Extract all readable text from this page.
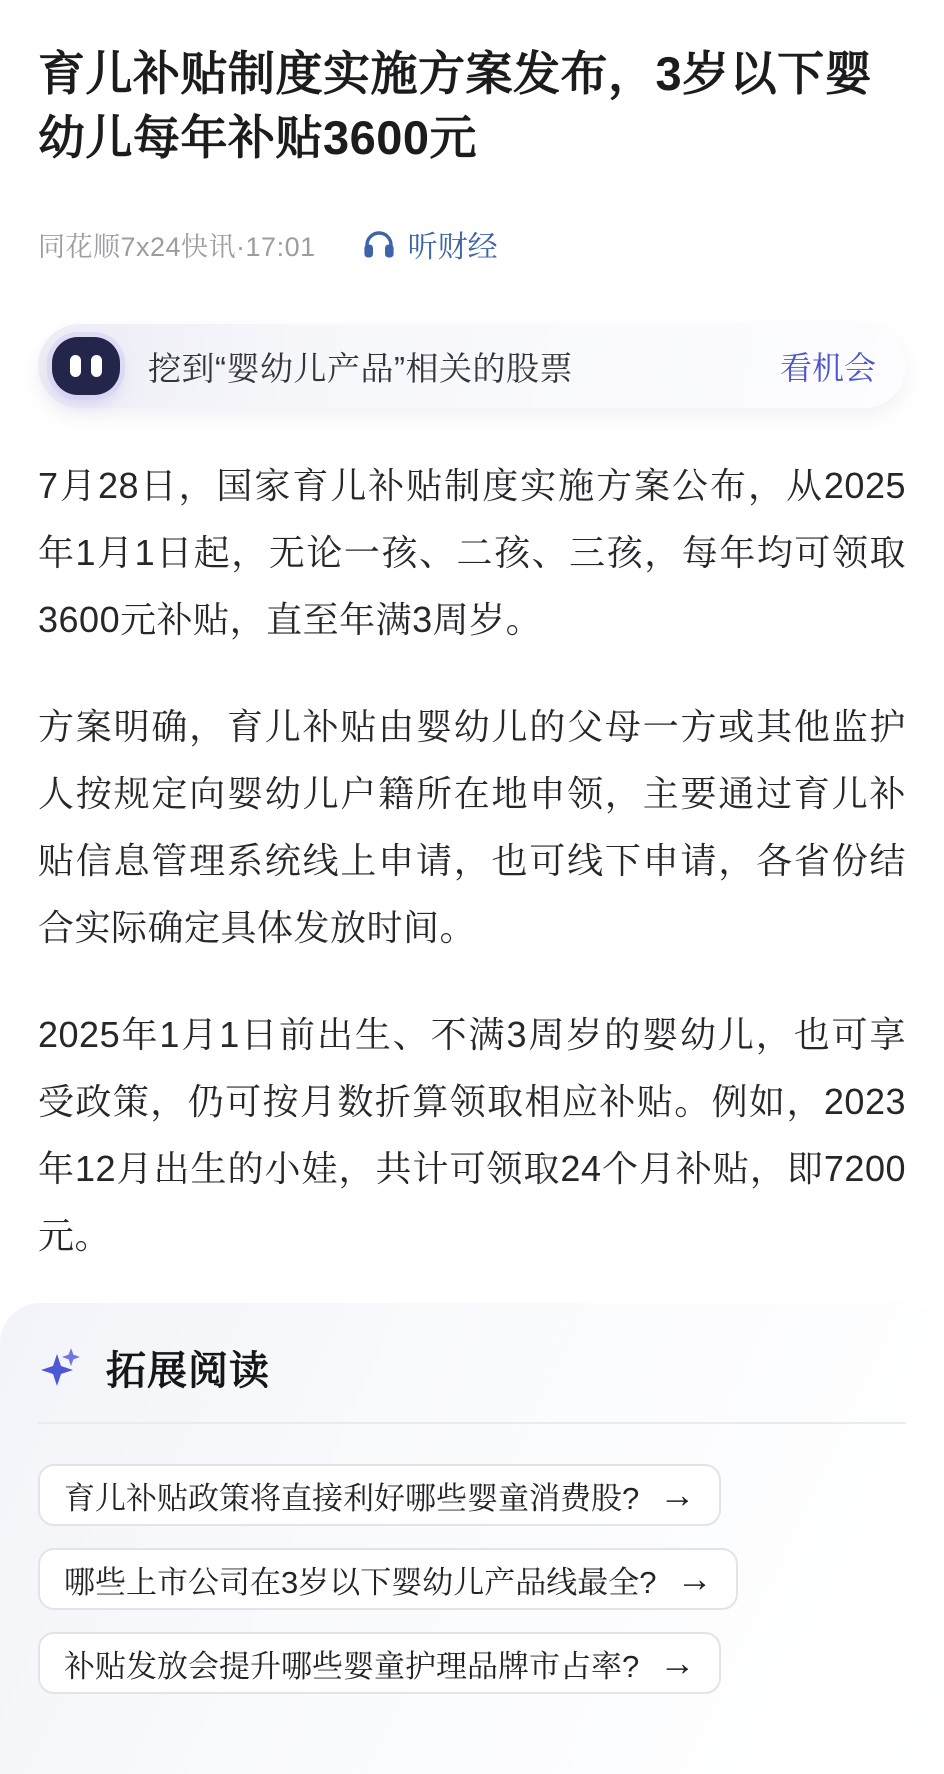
育儿补贴制度实施方案发布，3岁以下婴幼儿每年补贴3600元
同花顺7x24快讯·17:01	听财经
挖到“婴幼儿产品”相关的股票	看机会

7月28日，国家育儿补贴制度实施方案公布，从2025年1月1日起，无论一孩、二孩、三孩，每年均可领取3600元补贴，直至年满3周岁。

方案明确，育儿补贴由婴幼儿的父母一方或其他监护人按规定向婴幼儿户籍所在地申领，主要通过育儿补贴信息管理系统线上申请，也可线下申请，各省份结合实际确定具体发放时间。

2025年1月1日前出生、不满3周岁的婴幼儿，也可享受政策，仍可按月数折算领取相应补贴。例如，2023年12月出生的小娃，共计可领取24个月补贴，即7200元。

拓展阅读
育儿补贴政策将直接利好哪些婴童消费股? →
哪些上市公司在3岁以下婴幼儿产品线最全? →
补贴发放会提升哪些婴童护理品牌市占率? →
